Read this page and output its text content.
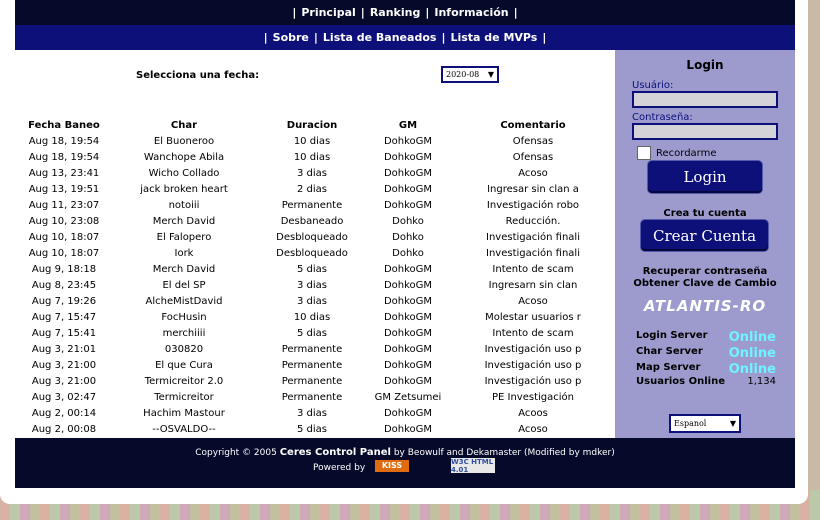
| Principal | Ranking | Información |
| Sobre | Lista de Baneados | Lista de MVPs |
Selecciona una fecha:	2020-08 ▼
Fecha Baneo	Char	Duracion	GM	Comentario

Aug 18, 19:54	El Buoneroo	10 dias	DohkoGM	Ofensas

Aug 18, 19:54	Wanchope Abila	10 dias	DohkoGM	Ofensas

Aug 13, 23:41	Wicho Collado	3 dias	DohkoGM	Acoso

Aug 13, 19:51	jack broken heart	2 dias	DohkoGM	Ingresar sin clan a

Aug 11, 23:07	notoiii	Permanente	DohkoGM	Investigación robo

Aug 10, 23:08	Merch David	Desbaneado	Dohko	Reducción.

Aug 10, 18:07	El Falopero	Desbloqueado	Dohko	Investigación finali

Aug 10, 18:07	Iork	Desbloqueado	Dohko	Investigación finali

Aug 9, 18:18	Merch David	5 dias	DohkoGM	Intento de scam

Aug 8, 23:45	El del SP	3 dias	DohkoGM	Ingresarn sin clan

Aug 7, 19:26	AlcheMistDavid	3 dias	DohkoGM	Acoso

Aug 7, 15:47	FocHusin	10 dias	DohkoGM	Molestar usuarios r

Aug 7, 15:41	merchiiii	5 dias	DohkoGM	Intento de scam

Aug 3, 21:01	030820	Permanente	DohkoGM	Investigación uso p

Aug 3, 21:00	El que Cura	Permanente	DohkoGM	Investigación uso p

Aug 3, 21:00	Termicreitor 2.0	Permanente	DohkoGM	Investigación uso p

Aug 3, 02:47	Termicreitor	Permanente	GM Zetsumei	PE Investigación

Aug 2, 00:14	Hachim Mastour	3 dias	DohkoGM	Acoos

Aug 2, 00:08	--OSVALDO--	5 dias	DohkoGM	Acoso
Login
Usuário:
Contraseña:
Recordarme
Login
Crea tu cuenta
Crear Cuenta
Recuperar contraseña
Obtener Clave de Cambio
ATLANTIS-RO
Login Server Online
Char Server Online
Map Server Online
Usuarios Online 1,134
Espanol	▼
Copyright © 2005 Ceres Control Panel by Beowulf and Dekamaster (Modified by mdker)
Powered by	KISS	W3C HTML 4.01
